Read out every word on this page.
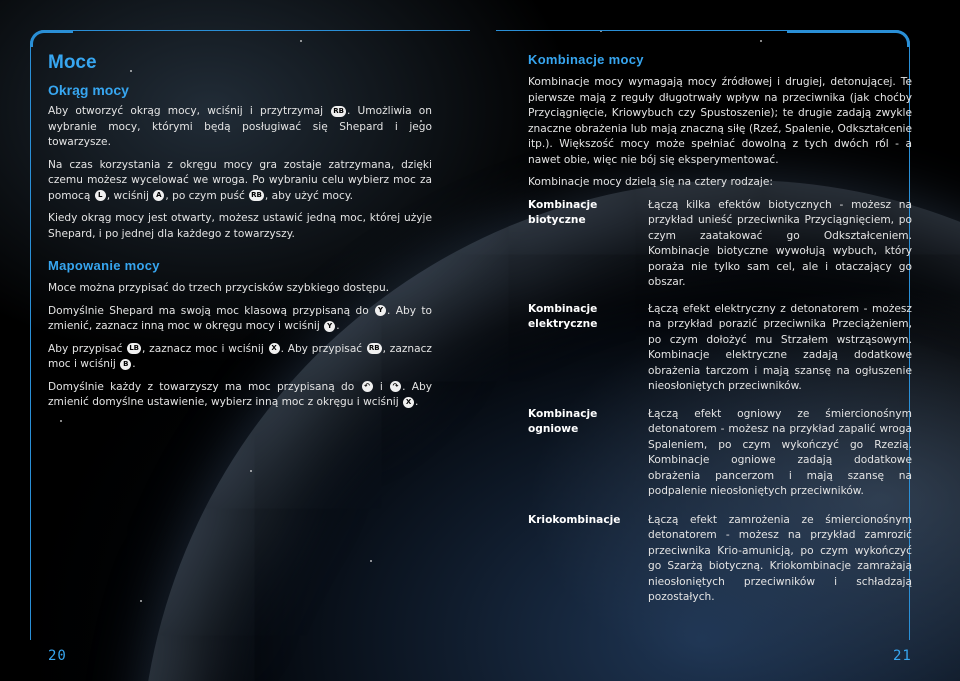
Moce
Okrąg mocy

Aby otworzyć okrąg mocy, wciśnij i przytrzymaj RB . Umożliwia on wybranie mocy, którymi będą posługiwać się Shepard i jego towarzysze.

Na czas korzystania z okręgu mocy gra zostaje zatrzymana, dzięki czemu możesz wycelować we wroga. Po wybraniu celu wybierz moc za pomocą L , wciśnij A , po czym puść RB , aby użyć mocy.

Kiedy okrąg mocy jest otwarty, możesz ustawić jedną moc, której użyje Shepard, i po jednej dla każdego z towarzyszy.

Mapowanie mocy

Moce można przypisać do trzech przycisków szybkiego dostępu.

Domyślnie Shepard ma swoją moc klasową przypisaną do Y . Aby to zmienić, zaznacz inną moc w okręgu mocy i wciśnij Y .

Aby przypisać LB , zaznacz moc i wciśnij X . Aby przypisać RB , zaznacz moc i wciśnij B .

Domyślnie każdy z towarzyszy ma moc przypisaną do ↶ i ↷ . Aby zmienić domyślne ustawienie, wybierz inną moc z okręgu i wciśnij X .

Kombinacje mocy

Kombinacje mocy wymagają mocy źródłowej i drugiej, detonującej. Te pierwsze mają z reguły długotrwały wpływ na przeciwnika (jak choćby Przyciągnięcie, Kriowybuch czy Spustoszenie); te drugie zadają zwykle znaczne obrażenia lub mają znaczną siłę (Rzeź, Spalenie, Odkształcenie itp.). Większość mocy może spełniać dowolną z tych dwóch ról - a nawet obie, więc nie bój się eksperymentować.

Kombinacje mocy dzielą się na cztery rodzaje:

Kombinacje biotyczne
Łączą kilka efektów biotycznych - możesz na przykład unieść przeciwnika Przyciągnięciem, po czym zaatakować go Odkształceniem. Kombinacje biotyczne wywołują wybuch, który poraża nie tylko sam cel, ale i otaczający go obszar.
Kombinacje elektryczne
Łączą efekt elektryczny z detonatorem - możesz na przykład porazić przeciwnika Przeciążeniem, po czym dołożyć mu Strzałem wstrząsowym. Kombinacje elektryczne zadają dodatkowe obrażenia tarczom i mają szansę na ogłuszenie nieosłoniętych przeciwników.
Kombinacje ogniowe
Łączą efekt ogniowy ze śmiercionośnym detonatorem - możesz na przykład zapalić wroga Spaleniem, po czym wykończyć go Rzezią. Kombinacje ogniowe zadają dodatkowe obrażenia pancerzom i mają szansę na podpalenie nieosłoniętych przeciwników.
Kriokombinacje	Łączą efekt zamrożenia ze śmiercionośnym detonatorem - możesz na przykład zamrozić przeciwnika Krio-amunicją, po czym wykończyć go Szarżą biotyczną. Kriokombinacje zamrażają nieosłoniętych przeciwników i schładzają pozostałych.
20	21
